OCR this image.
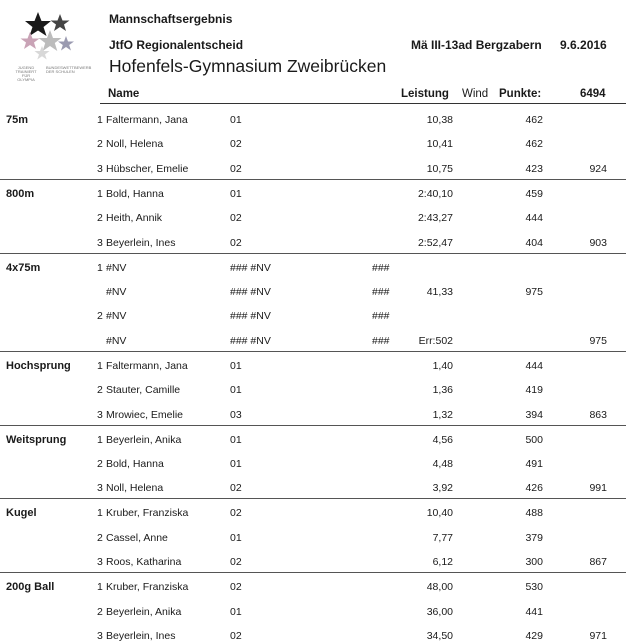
JUGEND
TRAINIERT
FÜR
OLYMPIA
BUNDESWETTBEWERB
DER SCHULEN
Mannschaftsergebnis
JtfO Regionalentscheid	Mä III-13ad Bergzabern 9.6.2016
Hofenfels-Gymnasium Zweibrücken
Name	Leistung Wind Punkte:	6494
75m	1 Faltermann, Jana	01	10,38	462
2 Noll, Helena	02	10,41	462
3 Hübscher, Emelie	02	10,75	423	924
800m	1 Bold, Hanna	01	2:40,10	459
2 Heith, Annik	02	2:43,27	444
3 Beyerlein, Ines	02	2:52,47	404	903
4x75m	1 #NV	### #NV	###
#NV	### #NV	###	41,33	975
2 #NV	### #NV	###
#NV	### #NV	###	Err:502	975
Hochsprung 1 Faltermann, Jana	01	1,40	444
2 Stauter, Camille	01	1,36	419
3 Mrowiec, Emelie	03	1,32	394	863
Weitsprung	1 Beyerlein, Anika	01	4,56	500
2 Bold, Hanna	01	4,48	491
3 Noll, Helena	02	3,92	426	991
Kugel	1 Kruber, Franziska	02	10,40	488
2 Cassel, Anne	01	7,77	379
3 Roos, Katharina	02	6,12	300	867
200g Ball	1 Kruber, Franziska	02	48,00	530
2 Beyerlein, Anika	01	36,00	441
3 Beyerlein, Ines	02	34,50	429	971
